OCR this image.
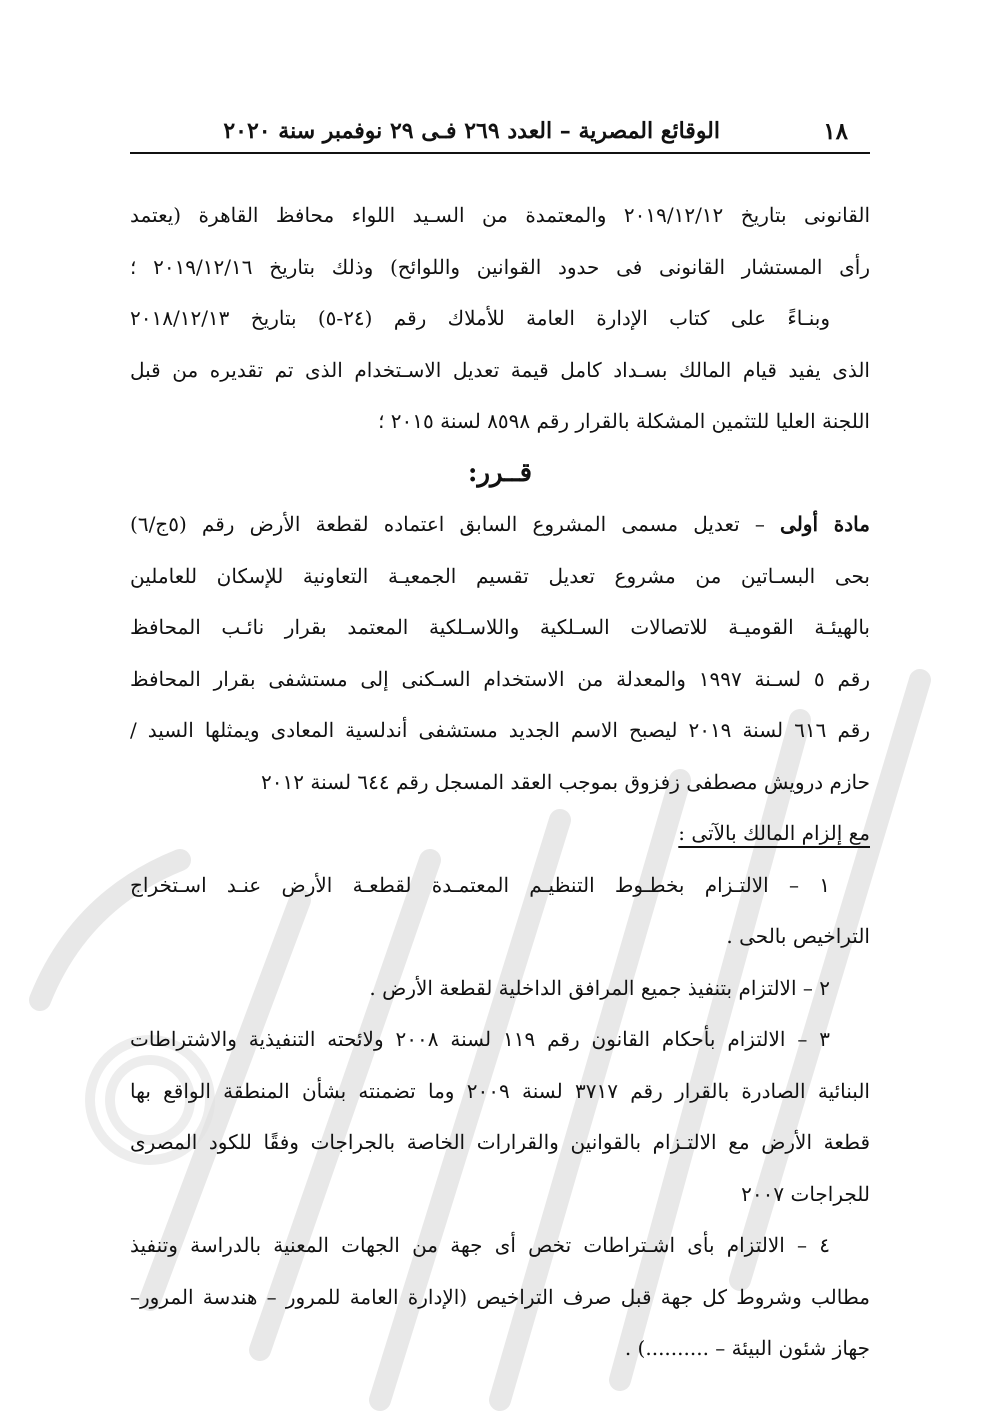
١٨
الوقائع المصرية – العدد ٢٦٩ فـى ٢٩ نوفمبر سنة ٢٠٢٠
القانونى بتاريخ ٢٠١٩/١٢/١٢ والمعتمدة من السـيد اللواء محافظ القاهرة (يعتمد
رأى المستشار القانونى فى حدود القوانين واللوائح) وذلك بتاريخ ٢٠١٩/١٢/١٦ ؛
وبنـاءً على كتاب الإدارة العامة للأملاك رقم (٢٤-٥) بتاريخ ٢٠١٨/١٢/١٣
الذى يفيد قيام المالك بسـداد كامل قيمة تعديل الاسـتخدام الذى تم تقديره من قبل
اللجنة العليا للتثمين المشكلة بالقرار رقم ٨٥٩٨ لسنة ٢٠١٥ ؛
قــرر:
مادة أولى – تعديل مسمى المشروع السابق اعتماده لقطعة الأرض رقم (٥ج/٦)
بحى البسـاتين من مشروع تعديل تقسيم الجمعيـة التعاونية للإسكان للعاملين
بالهيئـة القوميـة للاتصالات السـلكية واللاسـلكية المعتمد بقرار نائـب المحافظ
رقم ٥ لسـنة ١٩٩٧ والمعدلة من الاستخدام السـكنى إلى مستشفى بقرار المحافظ
رقم ٦١٦ لسنة ٢٠١٩ ليصبح الاسم الجديد مستشفى أندلسية المعادى ويمثلها السيد /
حازم درويش مصطفى زفزوق بموجب العقد المسجل رقم ٦٤٤ لسنة ٢٠١٢
مع إلزام المالك بالآتى :
١ – الالتـزام بخطـوط التنظيـم المعتمـدة لقطعـة الأرض عنـد اسـتخراج
التراخيص بالحى .
٢ – الالتزام بتنفيذ جميع المرافق الداخلية لقطعة الأرض .
٣ – الالتزام بأحكام القانون رقم ١١٩ لسنة ٢٠٠٨ ولائحته التنفيذية والاشتراطات
البنائية الصادرة بالقرار رقم ٣٧١٧ لسنة ٢٠٠٩ وما تضمنته بشأن المنطقة الواقع بها
قطعة الأرض مع الالتـزام بالقوانين والقرارات الخاصة بالجراجات وفقًا للكود المصرى
للجراجات ٢٠٠٧
٤ – الالتزام بأى اشـتراطات تخص أى جهة من الجهات المعنية بالدراسة وتنفيذ
مطالب وشروط كل جهة قبل صرف التراخيص (الإدارة العامة للمرور – هندسة المرور–
جهاز شئون البيئة – ..........) .
